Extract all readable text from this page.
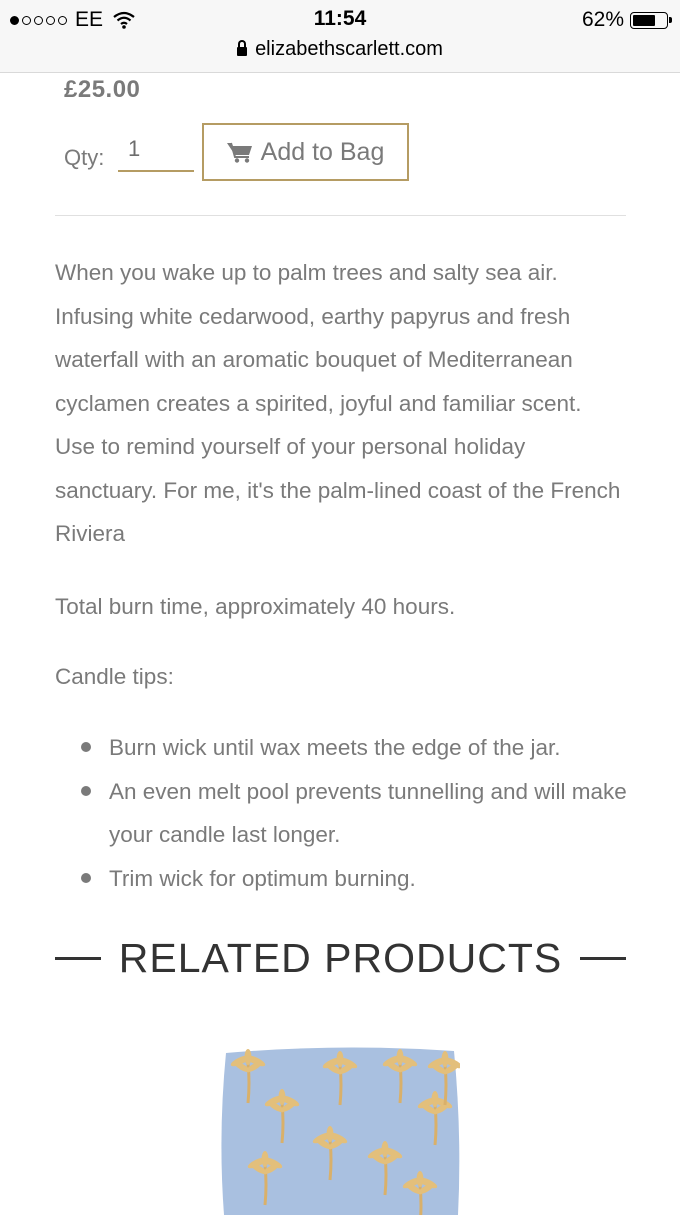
EE	11:54	62%
elizabethscarlett.com
£25.00
Qty:
1	Add to Bag

When you wake up to palm trees and salty sea air. Infusing white cedarwood, earthy papyrus and fresh waterfall with an aromatic bouquet of Mediterranean cyclamen creates a spirited, joyful and familiar scent. Use to remind yourself of your personal holiday sanctuary. For me, it's the palm-lined coast of the French Riviera

Total burn time, approximately 40 hours.

Candle tips:

Burn wick until wax meets the edge of the jar.
An even melt pool prevents tunnelling and will make your candle last longer.
Trim wick for optimum burning.
RELATED PRODUCTS
